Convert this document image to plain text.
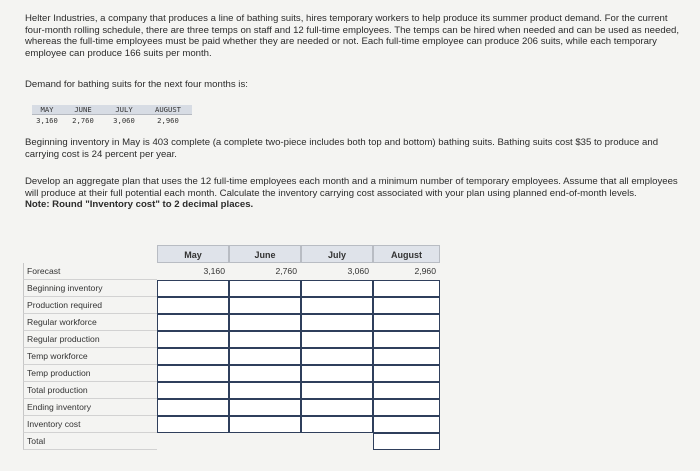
Helter Industries, a company that produces a line of bathing suits, hires temporary workers to help produce its summer product demand. For the current four-month rolling schedule, there are three temps on staff and 12 full-time employees. The temps can be hired when needed and can be used as needed, whereas the full-time employees must be paid whether they are needed or not. Each full-time employee can produce 206 suits, while each temporary employee can produce 166 suits per month.

Demand for bathing suits for the next four months is:

MAY	JUNE	JULY	AUGUST
3,160	2,760	3,060	2,960

Beginning inventory in May is 403 complete (a complete two-piece includes both top and bottom) bathing suits. Bathing suits cost $35 to produce and carrying cost is 24 percent per year.

Develop an aggregate plan that uses the 12 full-time employees each month and a minimum number of temporary employees. Assume that all employees will produce at their full potential each month. Calculate the inventory carrying cost associated with your plan using planned end-of-month levels.
Note: Round "Inventory cost" to 2 decimal places.

May	June	July	August
Forecast	3,160	2,760	3,060	2,960
Beginning inventory
Production required
Regular workforce
Regular production
Temp workforce
Temp production
Total production
Ending inventory
Inventory cost
Total
